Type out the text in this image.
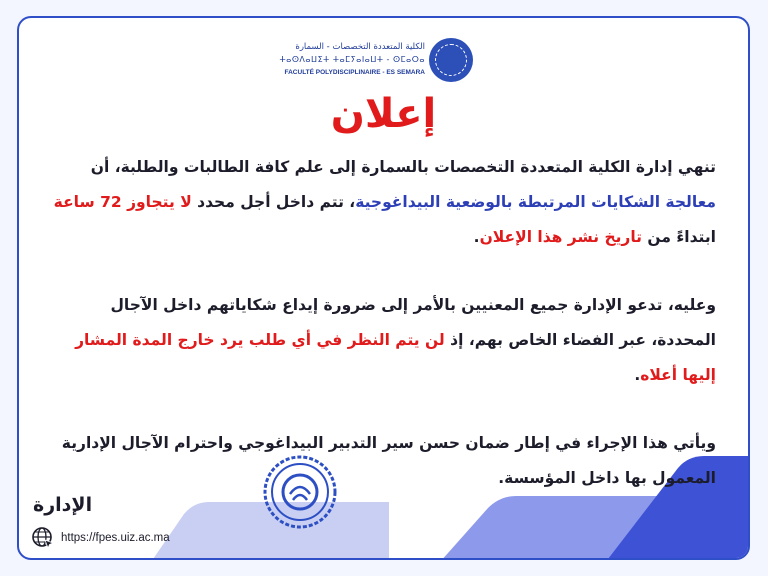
الكلية المتعددة التخصصات - السمارة
ⵜⴰⵙⴷⴰⵡⵉⵜ ⵜⴰⵎⵢⴰⵏⴰⵡⵜ - ⵙⵎⴰⵔⴰ
FACULTÉ POLYDISCIPLINAIRE - ES SEMARA
إعلان

تنهي إدارة الكلية المتعددة التخصصات بالسمارة إلى علم كافة الطالبات والطلبة، أن معالجة الشكايات المرتبطة بالوضعية البيداغوجية، تتم داخل أجل محدد لا يتجاوز 72 ساعة ابتداءً من تاريخ نشر هذا الإعلان.

وعليه، تدعو الإدارة جميع المعنيين بالأمر إلى ضرورة إيداع شكاياتهم داخل الآجال المحددة، عبر الفضاء الخاص بهم، إذ لن يتم النظر في أي طلب يرد خارج المدة المشار إليها أعلاه.

ويأتي هذا الإجراء في إطار ضمان حسن سير التدبير البيداغوجي واحترام الآجال الإدارية المعمول بها داخل المؤسسة.

الإدارة
https://fpes.uiz.ac.ma
